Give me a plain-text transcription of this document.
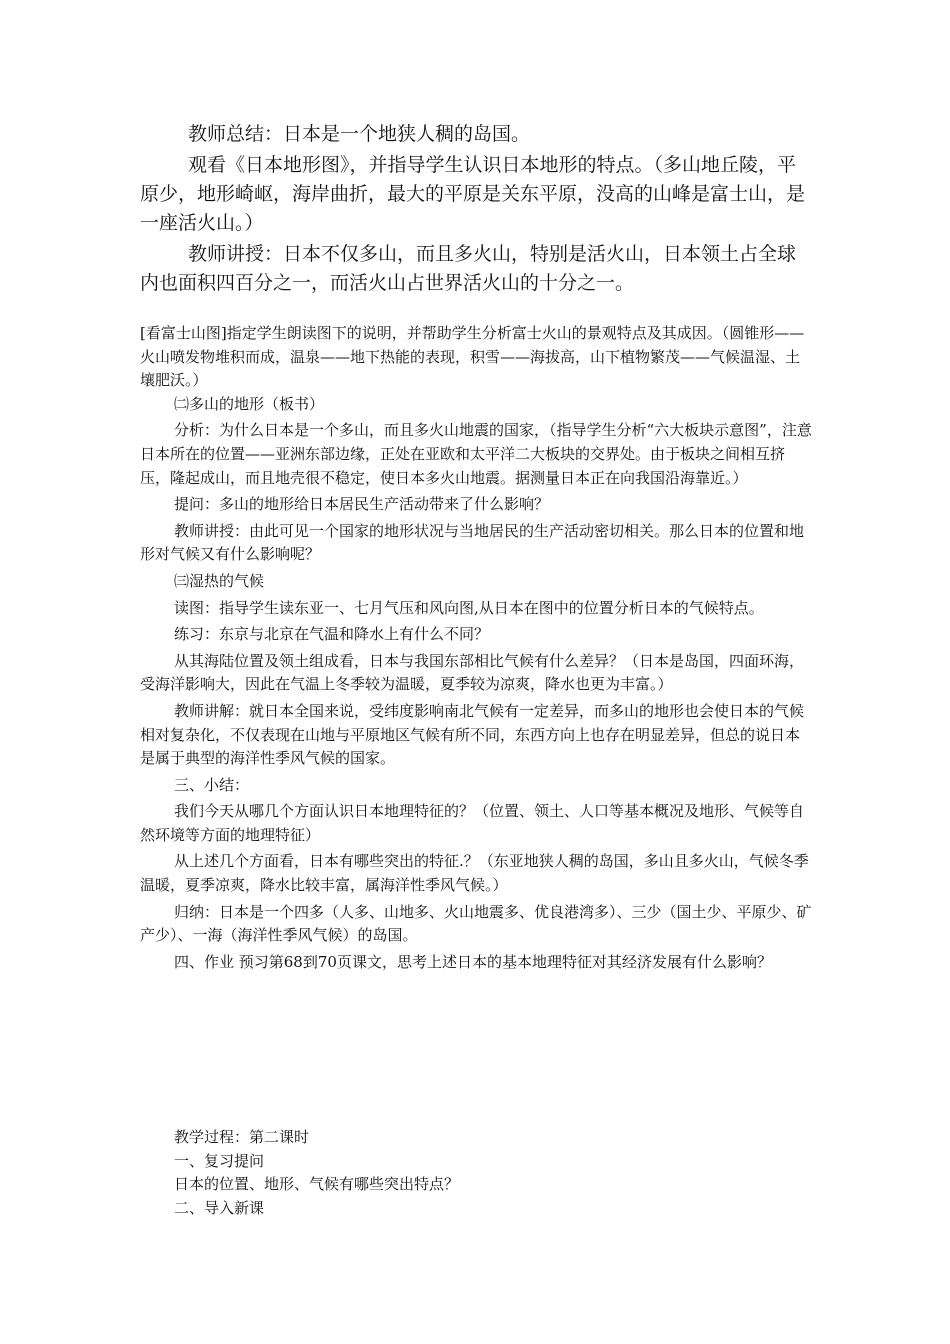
教师总结：日本是一个地狭人稠的岛国。

观看《日本地形图》，并指导学生认识日本地形的特点。（多山地丘陵，平原少，地形崎岖，海岸曲折，最大的平原是关东平原，没高的山峰是富士山，是一座活火山。）

教师讲授：日本不仅多山，而且多火山，特别是活火山，日本领土占全球内也面积四百分之一，而活火山占世界活火山的十分之一。

[看富士山图]指定学生朗读图下的说明，并帮助学生分析富士火山的景观特点及其成因。（圆锥形——火山喷发物堆积而成，温泉——地下热能的表现，积雪——海拔高，山下植物繁茂——气候温湿、土壤肥沃。）

㈡多山的地形（板书）

分析：为什么日本是一个多山，而且多火山地震的国家，（指导学生分析“六大板块示意图”，注意日本所在的位置——亚洲东部边缘，正处在亚欧和太平洋二大板块的交界处。由于板块之间相互挤压，隆起成山，而且地壳很不稳定，使日本多火山地震。据测量日本正在向我国沿海靠近。）

提问：多山的地形给日本居民生产活动带来了什么影响？

教师讲授：由此可见一个国家的地形状况与当地居民的生产活动密切相关。那么日本的位置和地形对气候又有什么影响呢？

㈢湿热的气候

读图：指导学生读东亚一、七月气压和风向图,从日本在图中的位置分析日本的气候特点。

练习：东京与北京在气温和降水上有什么不同？

从其海陆位置及领土组成看，日本与我国东部相比气候有什么差异？（日本是岛国，四面环海，受海洋影响大，因此在气温上冬季较为温暖，夏季较为凉爽，降水也更为丰富。）

教师讲解：就日本全国来说，受纬度影响南北气候有一定差异，而多山的地形也会使日本的气候相对复杂化，不仅表现在山地与平原地区气候有所不同，东西方向上也存在明显差异，但总的说日本是属于典型的海洋性季风气候的国家。

三、小结：

我们今天从哪几个方面认识日本地理特征的？（位置、领土、人口等基本概况及地形、气候等自然环境等方面的地理特征）

从上述几个方面看，日本有哪些突出的特征.？（东亚地狭人稠的岛国，多山且多火山，气候冬季温暖，夏季凉爽，降水比较丰富，属海洋性季风气候。）

归纳：日本是一个四多（人多、山地多、火山地震多、优良港湾多）、三少（国土少、平原少、矿产少）、一海（海洋性季风气候）的岛国。

四、作业 预习第68到70页课文，思考上述日本的基本地理特征对其经济发展有什么影响？

教学过程：第二课时

一、复习提问

日本的位置、地形、气候有哪些突出特点？

二、导入新课
